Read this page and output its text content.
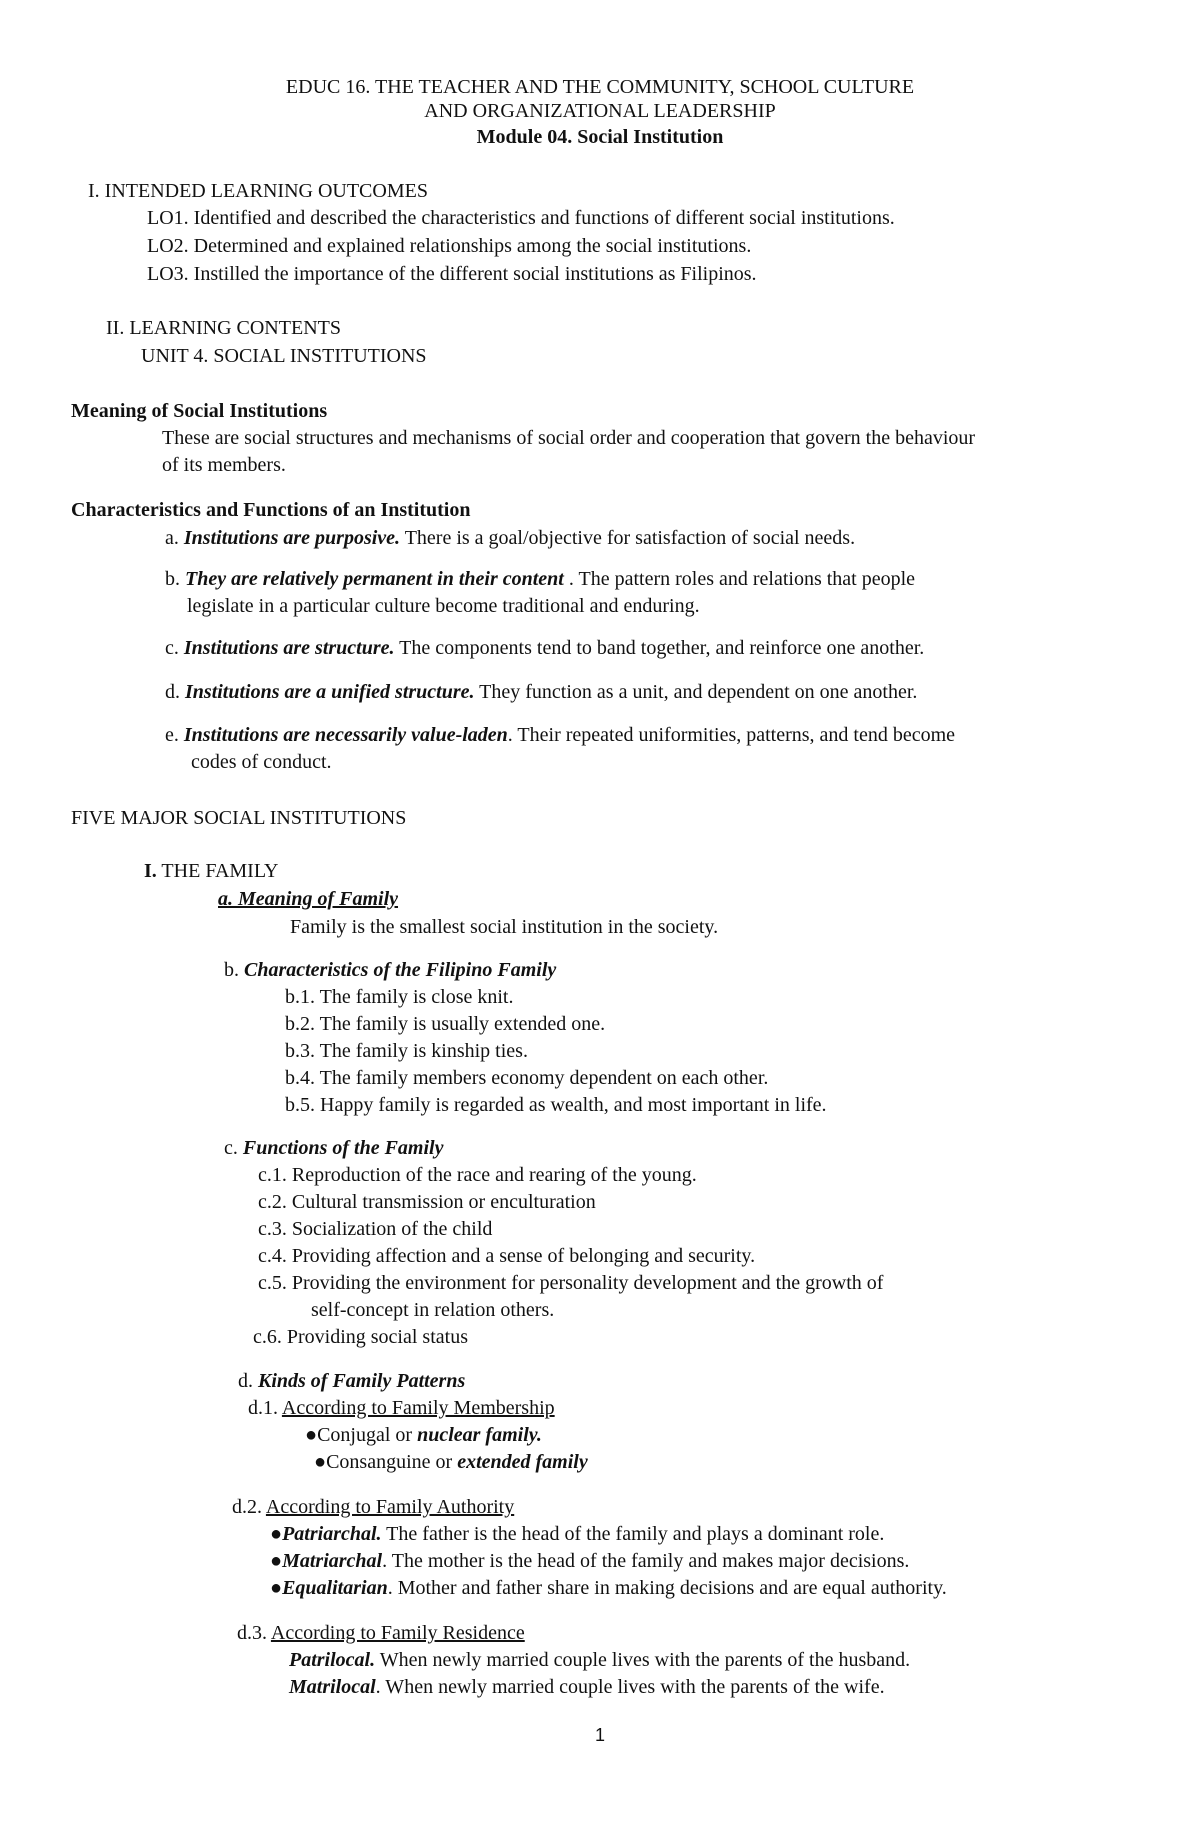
EDUC 16. THE TEACHER AND THE COMMUNITY, SCHOOL CULTURE
AND ORGANIZATIONAL LEADERSHIP
Module 04. Social Institution
I. INTENDED LEARNING OUTCOMES
LO1. Identified and described the characteristics and functions of different social institutions.
LO2. Determined and explained relationships among the social institutions.
LO3. Instilled the importance of the different social institutions as Filipinos.
II. LEARNING CONTENTS
UNIT 4. SOCIAL INSTITUTIONS
Meaning of Social Institutions
These are social structures and mechanisms of social order and cooperation that govern the behaviour
of its members.
Characteristics and Functions of an Institution
a. Institutions are purposive. There is a goal/objective for satisfaction of social needs.
b. They are relatively permanent in their content . The pattern roles and relations that people
legislate in a particular culture become traditional and enduring.
c. Institutions are structure. The components tend to band together, and reinforce one another.
d. Institutions are a unified structure. They function as a unit, and dependent on one another.
e. Institutions are necessarily value-laden. Their repeated uniformities, patterns, and tend become
codes of conduct.
FIVE MAJOR SOCIAL INSTITUTIONS
I. THE FAMILY
a. Meaning of Family
Family is the smallest social institution in the society.
b. Characteristics of the Filipino Family
b.1. The family is close knit.
b.2. The family is usually extended one.
b.3. The family is kinship ties.
b.4. The family members economy dependent on each other.
b.5. Happy family is regarded as wealth, and most important in life.
c. Functions of the Family
c.1. Reproduction of the race and rearing of the young.
c.2. Cultural transmission or enculturation
c.3. Socialization of the child
c.4. Providing affection and a sense of belonging and security.
c.5. Providing the environment for personality development and the growth of
self-concept in relation others.
c.6. Providing social status
d. Kinds of Family Patterns
d.1. According to Family Membership
●Conjugal or nuclear family.
●Consanguine or extended family
d.2. According to Family Authority
●Patriarchal. The father is the head of the family and plays a dominant role.
●Matriarchal. The mother is the head of the family and makes major decisions.
●Equalitarian. Mother and father share in making decisions and are equal authority.
d.3. According to Family Residence
Patrilocal. When newly married couple lives with the parents of the husband.
Matrilocal. When newly married couple lives with the parents of the wife.
1
